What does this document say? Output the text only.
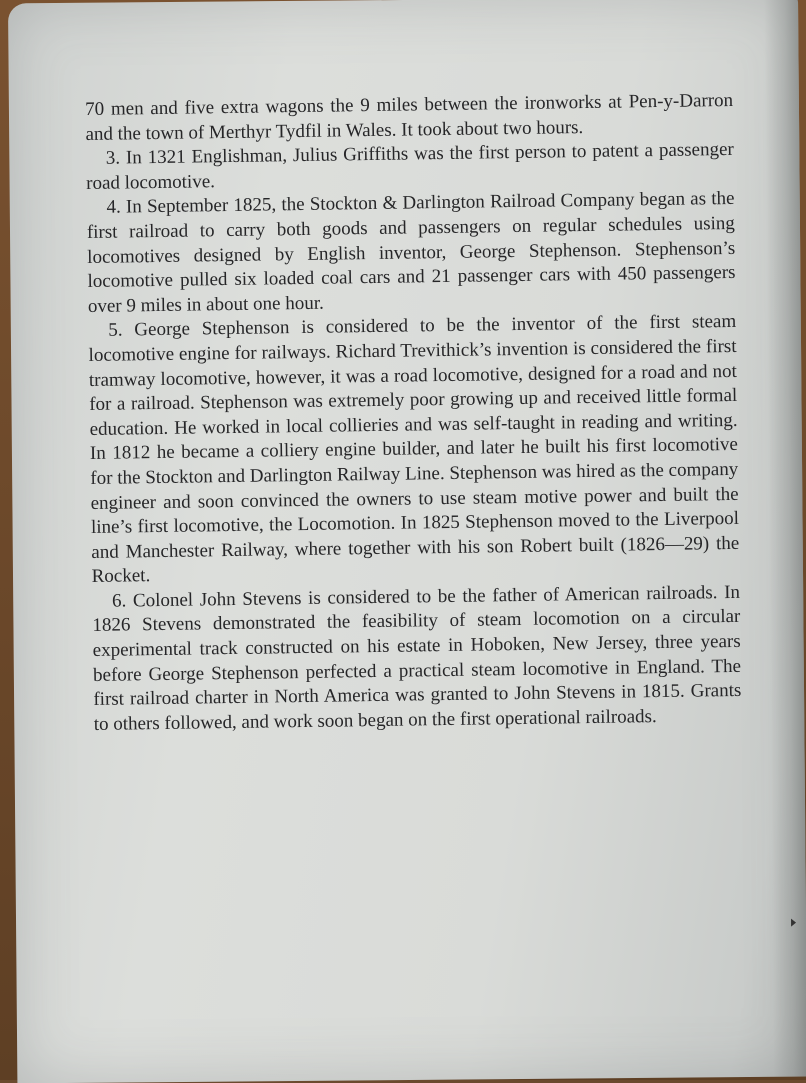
70 men and five extra wagons the 9 miles between the ironworks at Pen-y-Darron and the town of Merthyr Tydfil in Wales. It took about two hours.

3. In 1321 Englishman, Julius Griffiths was the first person to patent a passenger road locomotive.

4. In September 1825, the Stockton & Darlington Railroad Company began as the first railroad to carry both goods and passengers on regular schedules using locomotives designed by English inventor, George Stephenson. Stephenson’s locomotive pulled six loaded coal cars and 21 passenger cars with 450 passengers over 9 miles in about one hour.

5. George Stephenson is considered to be the inventor of the first steam locomotive engine for railways. Richard Trevithick’s invention is considered the first tramway locomotive, however, it was a road locomotive, designed for a road and not for a railroad. Stephenson was extremely poor growing up and received little formal education. He worked in local collieries and was self-taught in reading and writing. In 1812 he became a colliery engine builder, and later he built his first locomotive for the Stockton and Darlington Railway Line. Stephenson was hired as the company engineer and soon convinced the owners to use steam motive power and built the line’s first locomotive, the Locomotion. In 1825 Stephenson moved to the Liverpool and Manchester Railway, where together with his son Robert built (1826—29) the Rocket.

6. Colonel John Stevens is considered to be the father of American railroads. In 1826 Stevens demonstrated the feasibility of steam locomotion on a circular experimental track constructed on his estate in Hoboken, New Jersey, three years before George Stephenson perfected a practical steam locomotive in England. The first railroad charter in North America was granted to John Stevens in 1815. Grants to others followed, and work soon began on the first operational railroads.
